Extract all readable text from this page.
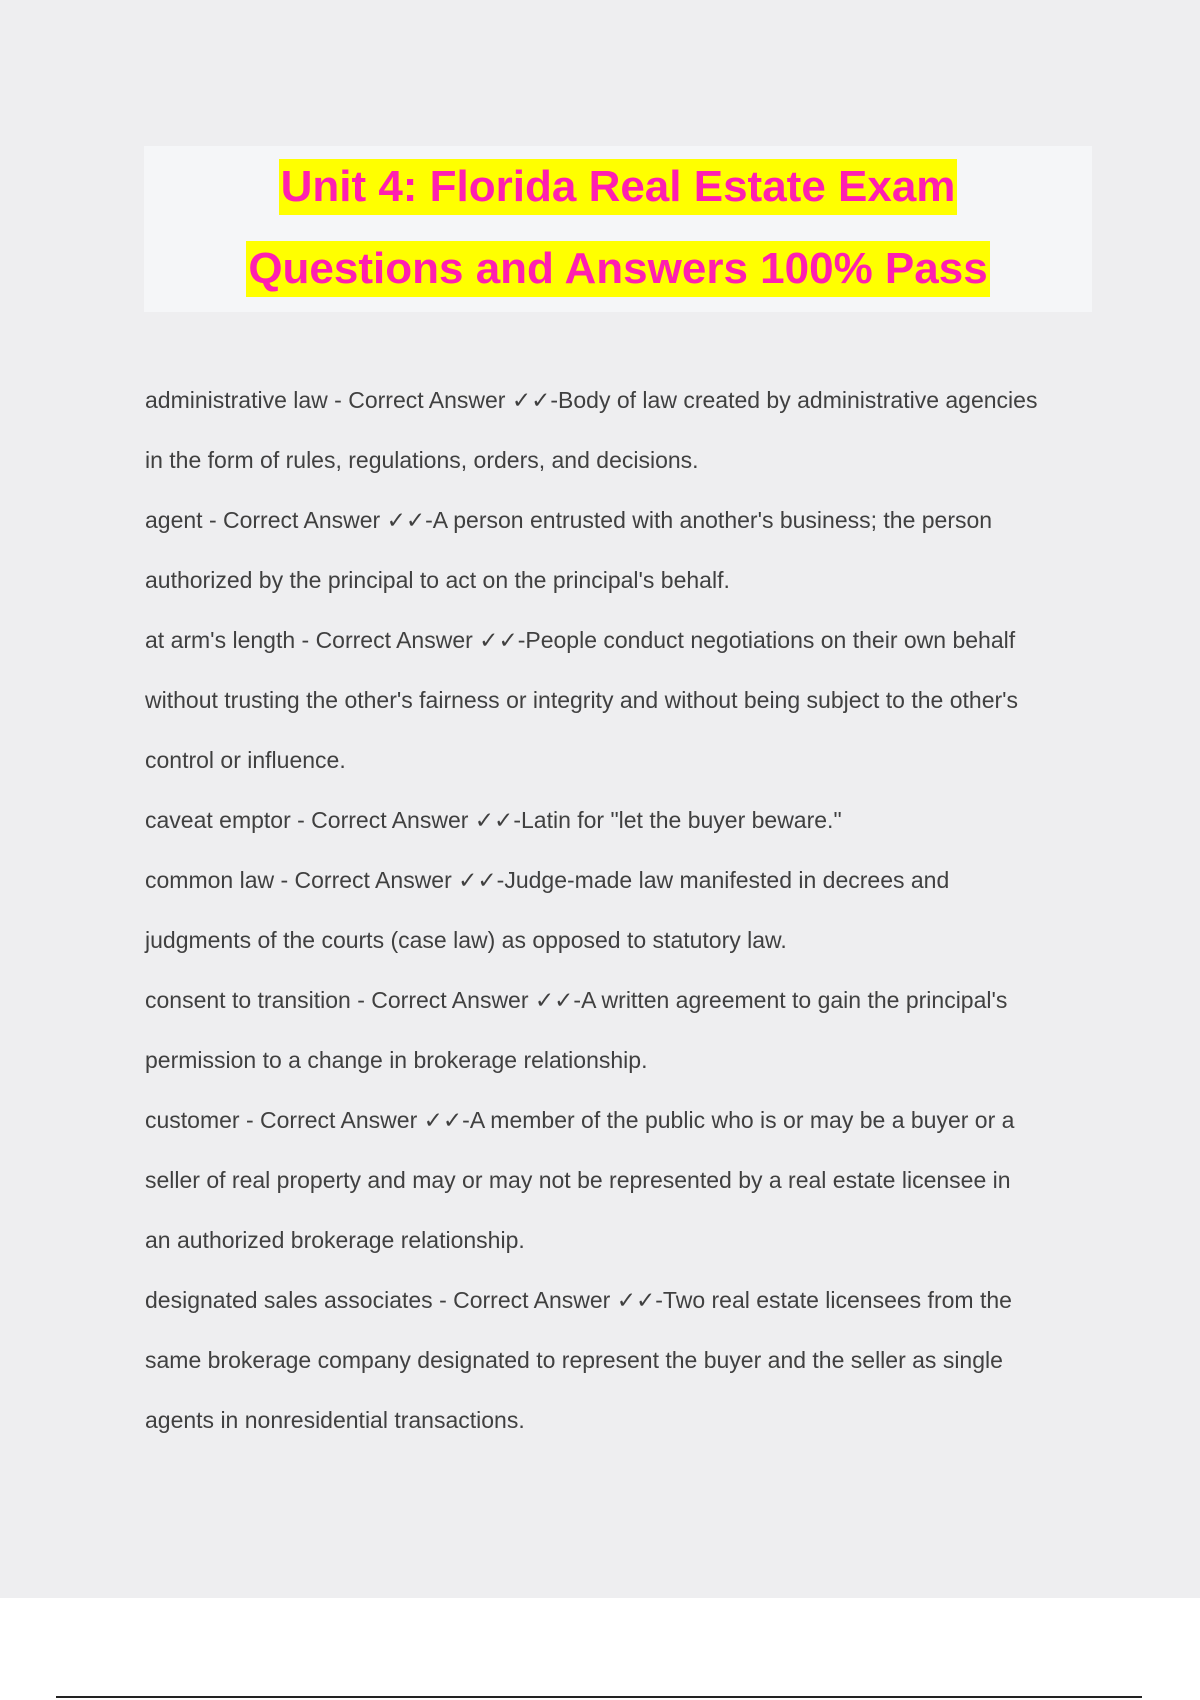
Unit 4: Florida Real Estate Exam
Questions and Answers 100% Pass
administrative law - Correct Answer ✓✓-Body of law created by administrative agencies
in the form of rules, regulations, orders, and decisions.
agent - Correct Answer ✓✓-A person entrusted with another's business; the person
authorized by the principal to act on the principal's behalf.
at arm's length - Correct Answer ✓✓-People conduct negotiations on their own behalf
without trusting the other's fairness or integrity and without being subject to the other's
control or influence.
caveat emptor - Correct Answer ✓✓-Latin for "let the buyer beware."
common law - Correct Answer ✓✓-Judge-made law manifested in decrees and
judgments of the courts (case law) as opposed to statutory law.
consent to transition - Correct Answer ✓✓-A written agreement to gain the principal's
permission to a change in brokerage relationship.
customer - Correct Answer ✓✓-A member of the public who is or may be a buyer or a
seller of real property and may or may not be represented by a real estate licensee in
an authorized brokerage relationship.
designated sales associates - Correct Answer ✓✓-Two real estate licensees from the
same brokerage company designated to represent the buyer and the seller as single
agents in nonresidential transactions.
